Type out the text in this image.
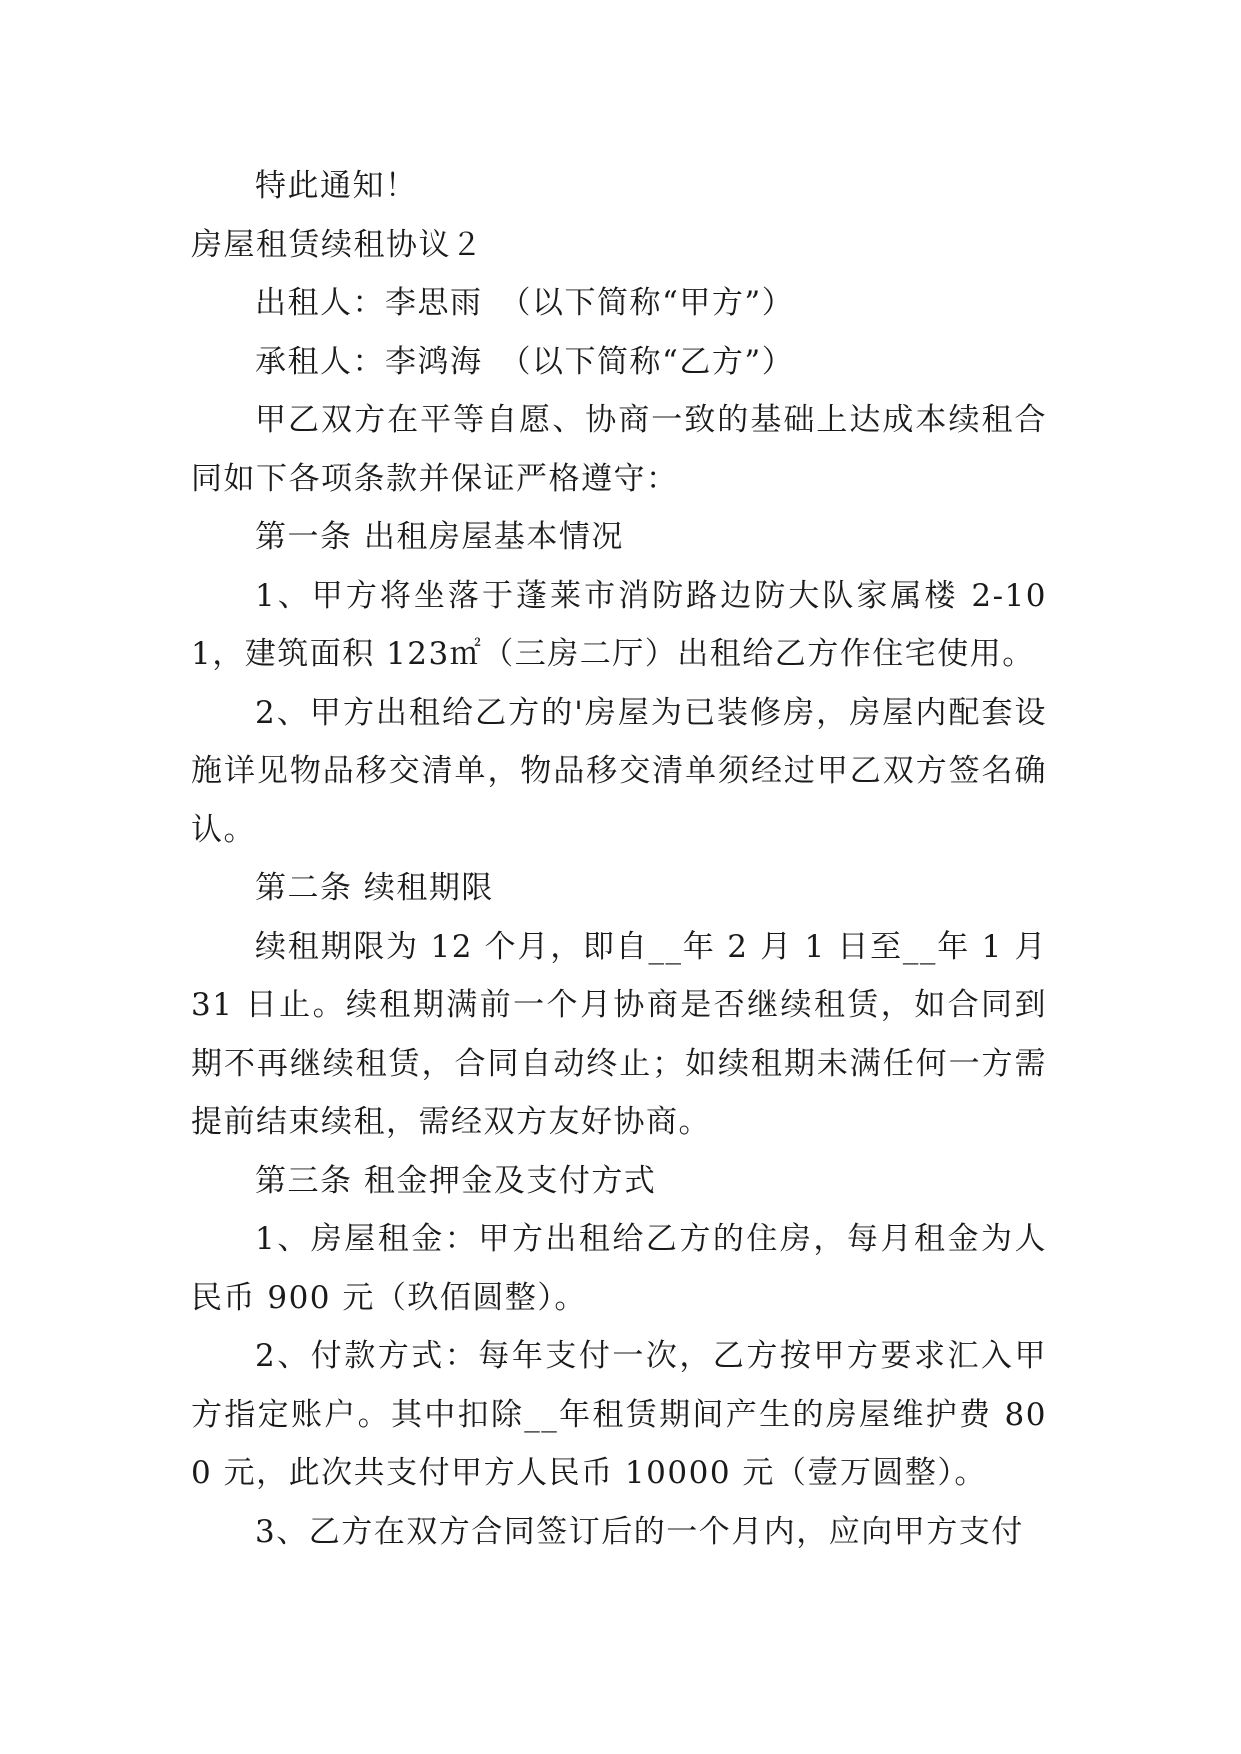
特此通知！

房屋租赁续租协议２

出租人：李思雨　（以下简称“甲方”）

承租人：李鸿海　（以下简称“乙方”）

甲乙双方在平等自愿、协商一致的基础上达成本续租合同如下各项条款并保证严格遵守：

第一条 出租房屋基本情况

1、甲方将坐落于蓬莱市消防路边防大队家属楼 2-101，建筑面积 123㎡（三房二厅）出租给乙方作住宅使用。

2、甲方出租给乙方的'房屋为已装修房，房屋内配套设施详见物品移交清单，物品移交清单须经过甲乙双方签名确认。

第二条 续租期限

续租期限为 12 个月，即自__年 2 月 1 日至__年 1 月 31 日止。续租期满前一个月协商是否继续租赁，如合同到期不再继续租赁，合同自动终止；如续租期未满任何一方需提前结束续租，需经双方友好协商。

第三条 租金押金及支付方式

1、房屋租金：甲方出租给乙方的住房，每月租金为人民币 900 元（玖佰圆整）。

2、付款方式：每年支付一次，乙方按甲方要求汇入甲方指定账户。其中扣除__年租赁期间产生的房屋维护费 800 元，此次共支付甲方人民币 10000 元（壹万圆整）。

3、乙方在双方合同签订后的一个月内，应向甲方支付
